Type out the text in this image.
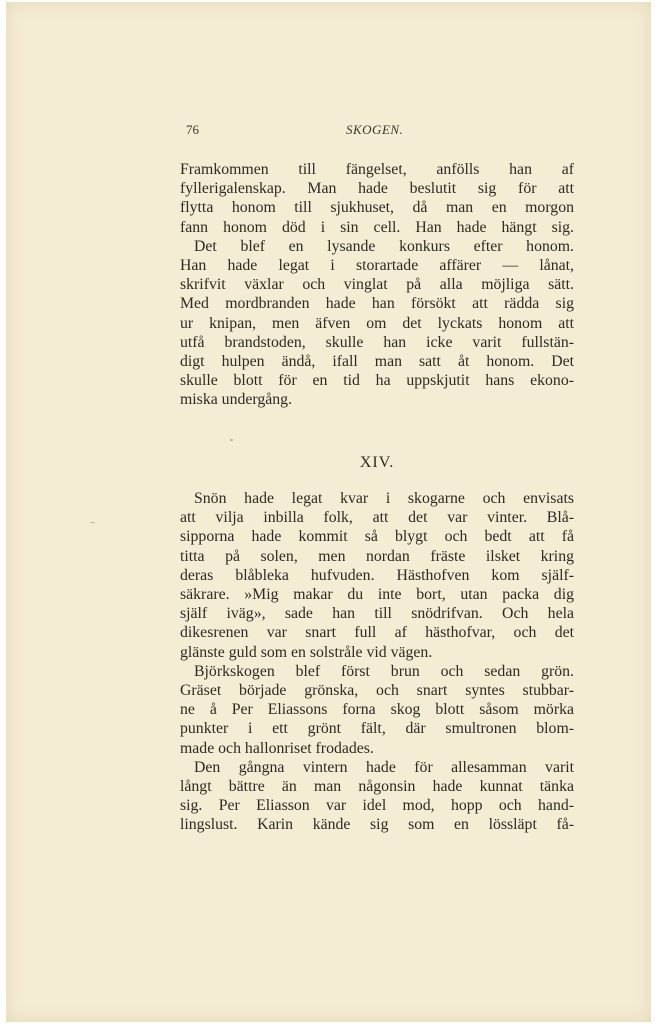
76	SKOGEN.
Framkommen till fängelset, anfölls han af
fyllerigalenskap. Man hade beslutit sig för att
flytta honom till sjukhuset, då man en morgon
fann honom död i sin cell. Han hade hängt sig.
Det blef en lysande konkurs efter honom.
Han hade legat i storartade affärer — lånat,
skrifvit växlar och vinglat på alla möjliga sätt.
Med mordbranden hade han försökt att rädda sig
ur knipan, men äfven om det lyckats honom att
utfå brandstoden, skulle han icke varit fullstän-
digt hulpen ändå, ifall man satt åt honom. Det
skulle blott för en tid ha uppskjutit hans ekono-
miska undergång.
XIV.
Snön hade legat kvar i skogarne och envisats
att vilja inbilla folk, att det var vinter. Blå-
sipporna hade kommit så blygt och bedt att få
titta på solen, men nordan fräste ilsket kring
deras blåbleka hufvuden. Hästhofven kom själf-
säkrare. »Mig makar du inte bort, utan packa dig
själf iväg», sade han till snödrifvan. Och hela
dikesrenen var snart full af hästhofvar, och det
glänste guld som en solstråle vid vägen.
Björkskogen blef först brun och sedan grön.
Gräset började grönska, och snart syntes stubbar-
ne å Per Eliassons forna skog blott såsom mörka
punkter i ett grönt fält, där smultronen blom-
made och hallonriset frodades.
Den gångna vintern hade för allesamman varit
långt bättre än man någonsin hade kunnat tänka
sig. Per Eliasson var idel mod, hopp och hand-
lingslust. Karin kände sig som en lössläpt få-
